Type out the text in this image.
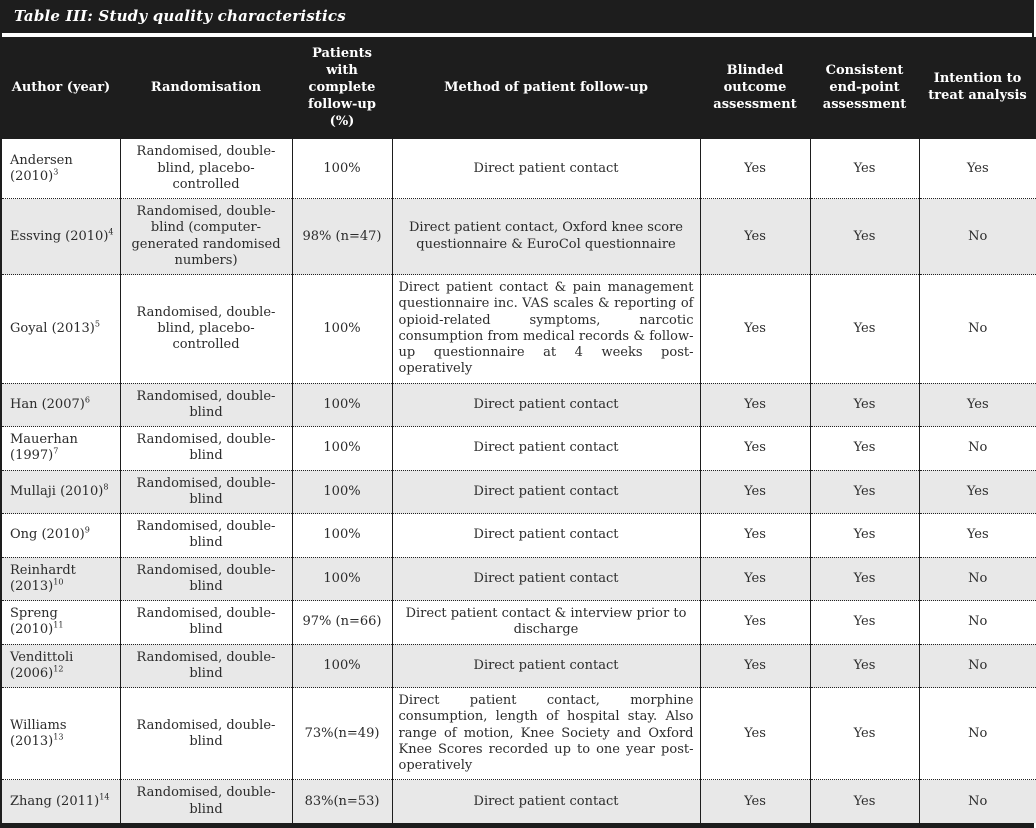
Table III: Study quality characteristics
Author (year)	Randomisation	Patients with complete follow-up (%)	Method of patient follow-up	Blinded outcome assessment	Consistent end-point assessment	Intention to treat analysis
Andersen $(2010)^3$	Randomised, double-blind, placebo-controlled	100%	Direct patient contact	Yes	Yes	Yes
Essving $(2010)^4$	Randomised, double-blind (computer-generated randomised numbers)	98% (n=47)	Direct patient contact, Oxford knee score questionnaire & EuroCol questionnaire	Yes	Yes	No
Goyal $(2013)^5$	Randomised, double-blind, placebo-controlled	100%	Direct patient contact & pain management questionnaire inc. VAS scales & reporting of opioid-related symptoms, narcotic consumption from medical records & follow-up questionnaire at 4 weeks post-operatively	Yes	Yes	No
Han $(2007)^6$	Randomised, double-blind	100%	Direct patient contact	Yes	Yes	Yes
Mauerhan $(1997)^7$	Randomised, double-blind	100%	Direct patient contact	Yes	Yes	No
Mullaji $(2010)^8$	Randomised, double-blind	100%	Direct patient contact	Yes	Yes	Yes
Ong $(2010)^9$	Randomised, double-blind	100%	Direct patient contact	Yes	Yes	Yes
Reinhardt $(2013)^{10}$	Randomised, double-blind	100%	Direct patient contact	Yes	Yes	No
Spreng $(2010)^{11}$	Randomised, double-blind	97% (n=66)	Direct patient contact & interview prior to discharge	Yes	Yes	No
Vendittoli $(2006)^{12}$	Randomised, double-blind	100%	Direct patient contact	Yes	Yes	No
Williams $(2013)^{13}$	Randomised, double-blind	73%(n=49)	Direct patient contact, morphine consumption, length of hospital stay. Also range of motion, Knee Society and Oxford Knee Scores recorded up to one year post-operatively	Yes	Yes	No
Zhang $(2011)^{14}$	Randomised, double-blind	83%(n=53)	Direct patient contact	Yes	Yes	No
